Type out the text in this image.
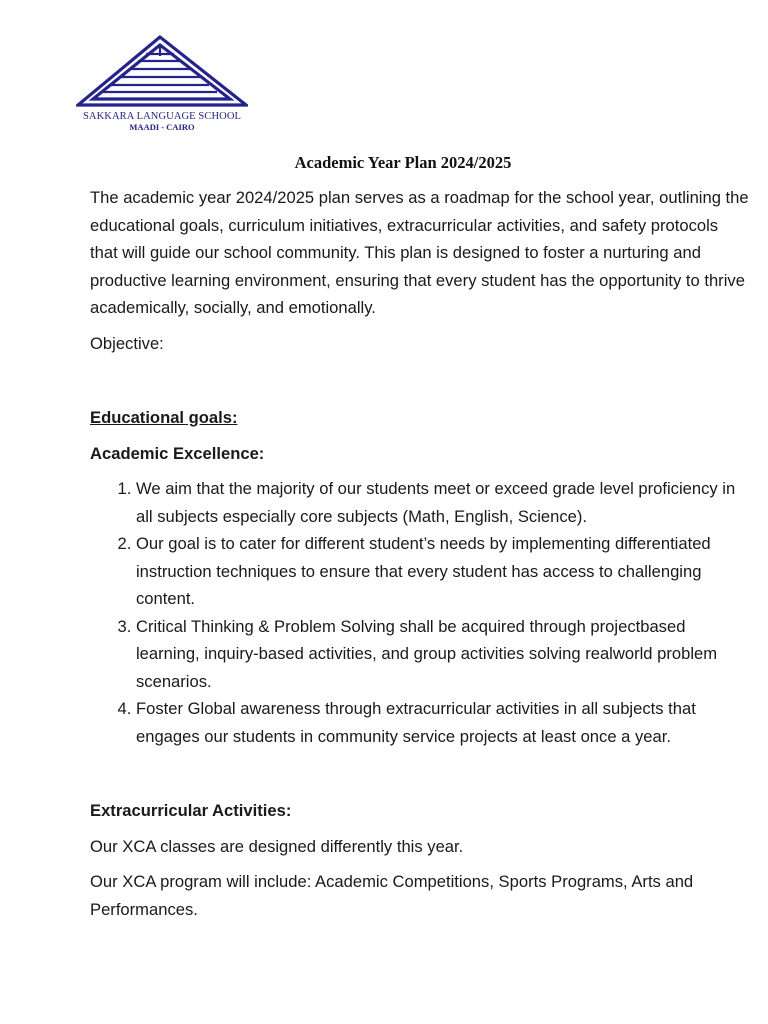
SAKKARA LANGUAGE SCHOOL
MAADI - CAIRO
Academic Year Plan 2024/2025

The academic year 2024/2025 plan serves as a roadmap for the school year, outlining the educational goals, curriculum initiatives, extracurricular activities, and safety protocols that will guide our school community. This plan is designed to foster a nurturing and productive learning environment, ensuring that every student has the opportunity to thrive academically, socially, and emotionally.

Objective:

Educational goals:

Academic Excellence:

1. We aim that the majority of our students meet or exceed grade level proficiency in all subjects especially core subjects (Math, English, Science).
2. Our goal is to cater for different student’s needs by implementing differentiated instruction techniques to ensure that every student has access to challenging content.
3. Critical Thinking & Problem Solving shall be acquired through projectbased learning, inquiry-based activities, and group activities solving realworld problem scenarios.
4. Foster Global awareness through extracurricular activities in all subjects that engages our students in community service projects at least once a year.

Extracurricular Activities:

Our XCA classes are designed differently this year.

Our XCA program will include: Academic Competitions, Sports Programs, Arts and Performances.
